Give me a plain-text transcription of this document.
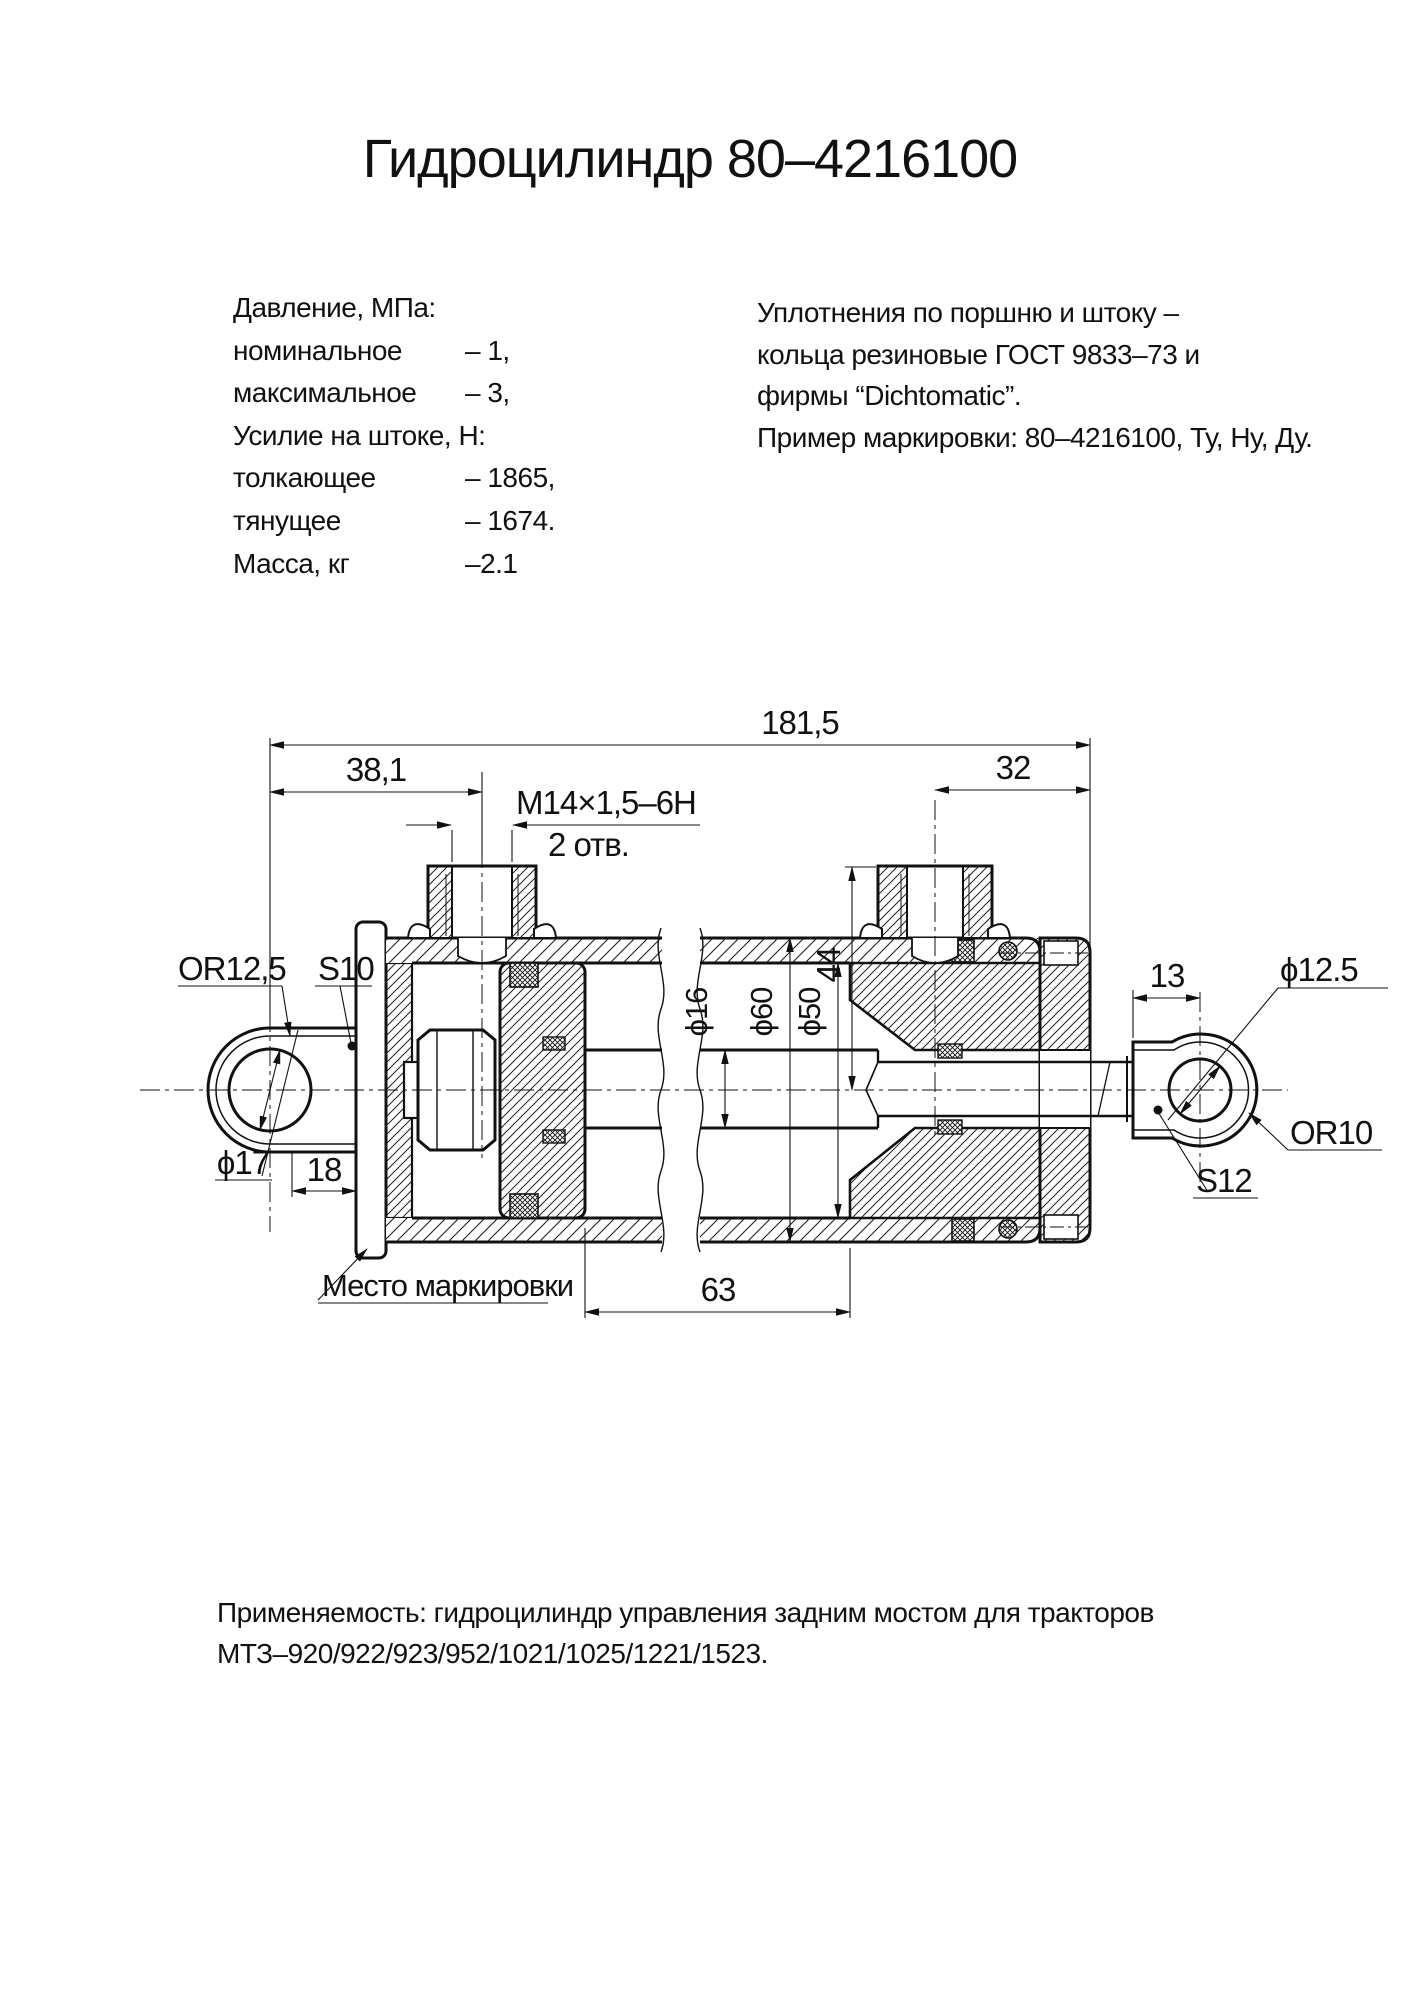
Гидроцилиндр 80–4216100
Давление, МПа:
номинальное	– 1,
максимальное	– 3,
Усилие на штоке, Н:
толкающее	– 1865,
тянущее	– 1674.
Масса, кг	–2.1
Уплотнения по поршню и штоку –
кольца резиновые ГОСТ 9833–73 и
фирмы “Dichtomatic”.
Пример маркировки: 80–4216100, Ту, Ну, Ду.
Применяемость: гидроцилиндр управления задним мостом для тракторов
МТЗ–920/922/923/952/1021/1025/1221/1523.
181,5
38,1
M14×1,5–6H
2 отв.
32
44
ϕ16 ϕ60 ϕ50
63
18
13
ϕ17
OR12,5 S10	ϕ12.5
OR10
S12
Место маркировки
